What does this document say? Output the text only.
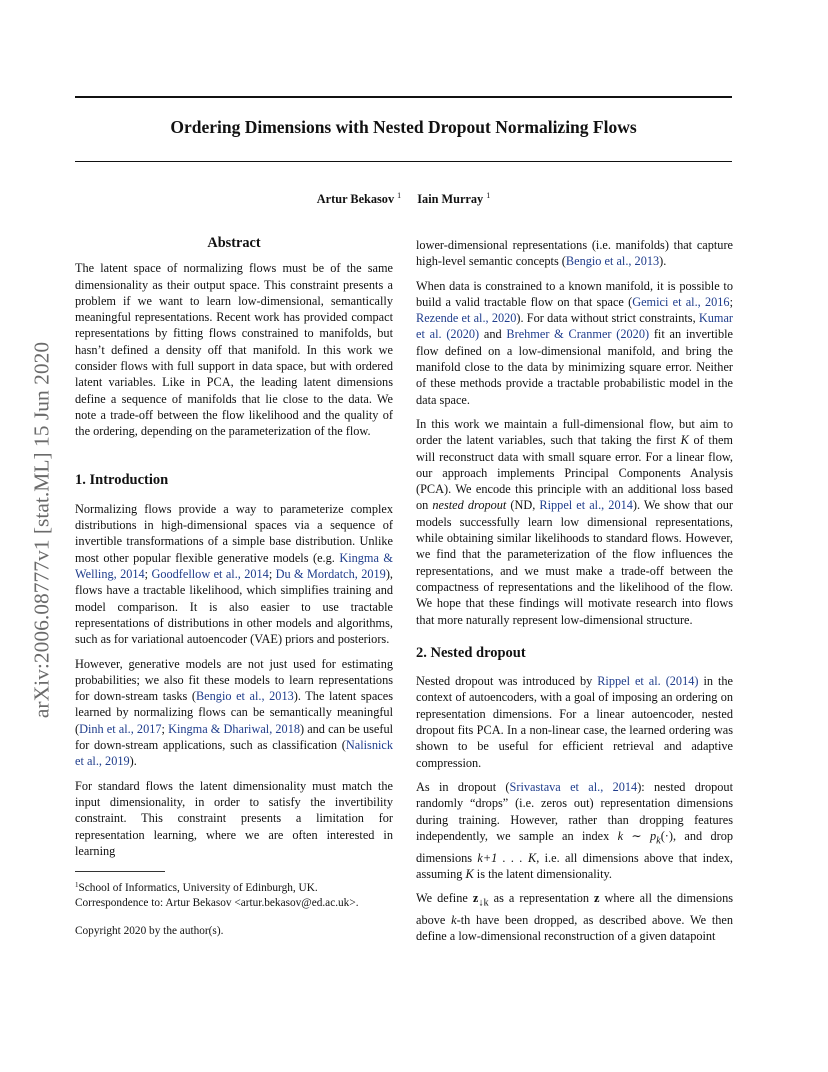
Ordering Dimensions with Nested Dropout Normalizing Flows
Artur Bekasov $^1$ Iain Murray $^1$
arXiv:2006.08777v1 [stat.ML] 15 Jun 2020
Abstract

The latent space of normalizing flows must be of the same dimensionality as their output space. This constraint presents a problem if we want to learn low-dimensional, semantically meaningful representations. Recent work has provided compact representations by fitting flows constrained to manifolds, but hasn’t defined a density off that manifold. In this work we consider flows with full support in data space, but with ordered latent variables. Like in PCA, the leading latent dimensions define a sequence of manifolds that lie close to the data. We note a trade-off between the flow likelihood and the quality of the ordering, depending on the parameterization of the flow.

1. Introduction

Normalizing flows provide a way to parameterize complex distributions in high-dimensional spaces via a sequence of invertible transformations of a simple base distribution. Unlike most other popular flexible generative models (e.g. Kingma & Welling, 2014; Goodfellow et al., 2014; Du & Mordatch, 2019), flows have a tractable likelihood, which simplifies training and model comparison. It is also easier to use tractable representations of distributions in other models and algorithms, such as for variational autoencoder (VAE) priors and posteriors.

However, generative models are not just used for estimating probabilities; we also fit these models to learn representations for down-stream tasks (Bengio et al., 2013). The latent spaces learned by normalizing flows can be semantically meaningful (Dinh et al., 2017; Kingma & Dhariwal, 2018) and can be useful for down-stream applications, such as classification (Nalisnick et al., 2019).

For standard flows the latent dimensionality must match the input dimensionality, in order to satisfy the invertibility constraint. This constraint presents a limitation for representation learning, where we are often interested in learning

$^1$School of Informatics, University of Edinburgh, UK.
Correspondence to: Artur Bekasov <artur.bekasov@ed.ac.uk>.

Copyright 2020 by the author(s).

lower-dimensional representations (i.e. manifolds) that capture high-level semantic concepts (Bengio et al., 2013).

When data is constrained to a known manifold, it is possible to build a valid tractable flow on that space (Gemici et al., 2016; Rezende et al., 2020). For data without strict constraints, Kumar et al. (2020) and Brehmer & Cranmer (2020) fit an invertible flow defined on a low-dimensional manifold, and bring the manifold close to the data by minimizing square error. Neither of these methods provide a tractable probabilistic model in the data space.

In this work we maintain a full-dimensional flow, but aim to order the latent variables, such that taking the first K of them will reconstruct data with small square error. For a linear flow, our approach implements Principal Components Analysis (PCA). We encode this principle with an additional loss based on nested dropout (ND, Rippel et al., 2014). We show that our models successfully learn low dimensional representations, while obtaining similar likelihoods to standard flows. However, we find that the parameterization of the flow influences the representations, and we must make a trade-off between the compactness of representations and the likelihood of the flow. We hope that these findings will motivate research into flows that more naturally represent low-dimensional structure.

2. Nested dropout

Nested dropout was introduced by Rippel et al. (2014) in the context of autoencoders, with a goal of imposing an ordering on representation dimensions. For a linear autoencoder, nested dropout fits PCA. In a non-linear case, the learned ordering was shown to be useful for efficient retrieval and adaptive compression.

As in dropout (Srivastava et al., 2014): nested dropout randomly “drops” (i.e. zeros out) representation dimensions during training. However, rather than dropping features independently, we sample an index k ∼ $p_k(\cdot)$, and drop dimensions k+1 . . . K, i.e. all dimensions above that index, assuming K is the latent dimensionality.

We define $z_{↓k}$ as a representation z where all the dimensions above k-th have been dropped, as described above. We then define a low-dimensional reconstruction of a given datapoint
